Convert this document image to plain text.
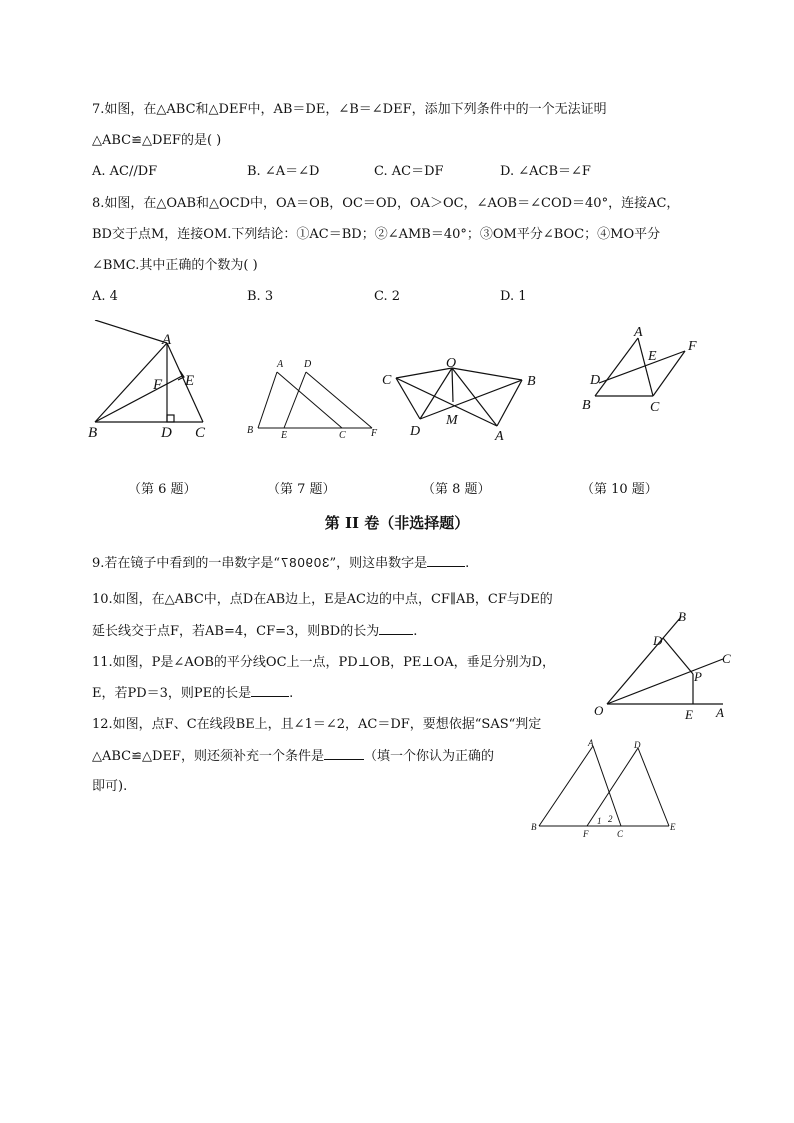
7.如图，在△ABC和△DEF中，AB＝DE，∠B＝∠DEF，添加下列条件中的一个无法证明
△ABC≌△DEF的是( )
A. AC//DF	B. ∠A＝∠D	C. AC＝DF	D. ∠ACB＝∠F
8.如图，在△OAB和△OCD中，OA＝OB，OC＝OD，OA＞OC，∠AOB＝∠COD＝40°，连接AC，
BD交于点M，连接OM.下列结论：①AC＝BD；②∠AMB＝40°；③OM平分∠BOC；④MO平分
∠BMC.其中正确的个数为( )
A. 4	B. 3	C. 2	D. 1
A
F E
B	D C
A D
B	E	C	F
O
C	B
M
D	A
A
E
F
D
B	C
（第 6 题）	（第 7 题）	（第 8 题）	（第 10 题）
第 II 卷（非选择题）
9.若在镜子中看到的一串数字是“309087”，则这串数字是	.
10.如图，在△ABC中，点D在AB边上，E是AC边的中点，CF∥AB，CF与DE的
延长线交于点F，若AB=4，CF=3，则BD的长为	.
11.如图，P是∠AOB的平分线OC上一点，PD⊥OB，PE⊥OA，垂足分别为D，
E，若PD＝3，则PE的长是	.
12.如图，点F、C在线段BE上，且∠1＝∠2，AC＝DF，要想依据“SAS“判定
△ABC≌△DEF，则还须补充一个条件是	（填一个你认为正确的
即可).
B
D
C
P
O	E A
A	D
B
F
1 2
C
E
